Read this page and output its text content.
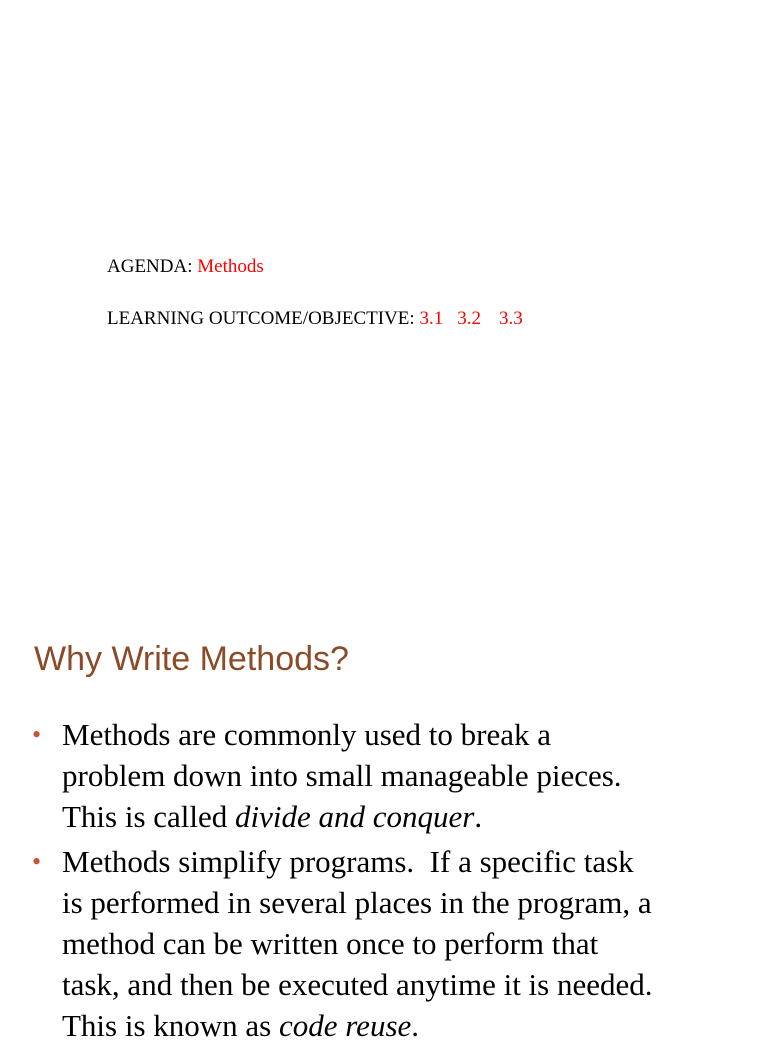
AGENDA: Methods
LEARNING OUTCOME/OBJECTIVE: 3.1 3.2 3.3
Why Write Methods?
• Methods are commonly used to break a
problem down into small manageable pieces.
This is called divide and conquer.
• Methods simplify programs.  If a specific task
is performed in several places in the program, a
method can be written once to perform that
task, and then be executed anytime it is needed.
This is known as code reuse.
